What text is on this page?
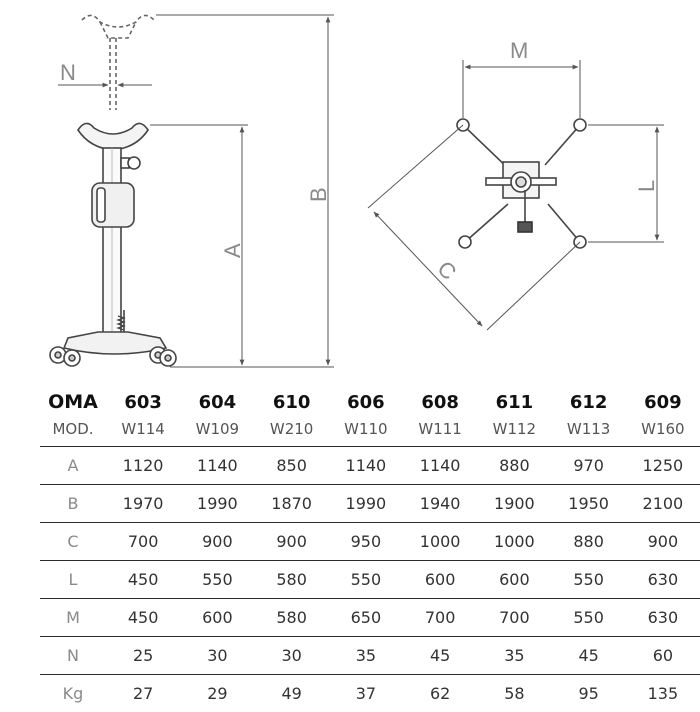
N
A
B
M
L
C
OMA	603	604	610	606	608	611	612	609
MOD.	W114	W109	W210	W110	W111	W112	W113	W160
A	1120	1140	850	1140	1140	880	970	1250
B	1970	1990	1870	1990	1940	1900	1950	2100
C	700	900	900	950	1000	1000	880	900
L	450	550	580	550	600	600	550	630
M	450	600	580	650	700	700	550	630
N	25	30	30	35	45	35	45	60
Kg	27	29	49	37	62	58	95	135
